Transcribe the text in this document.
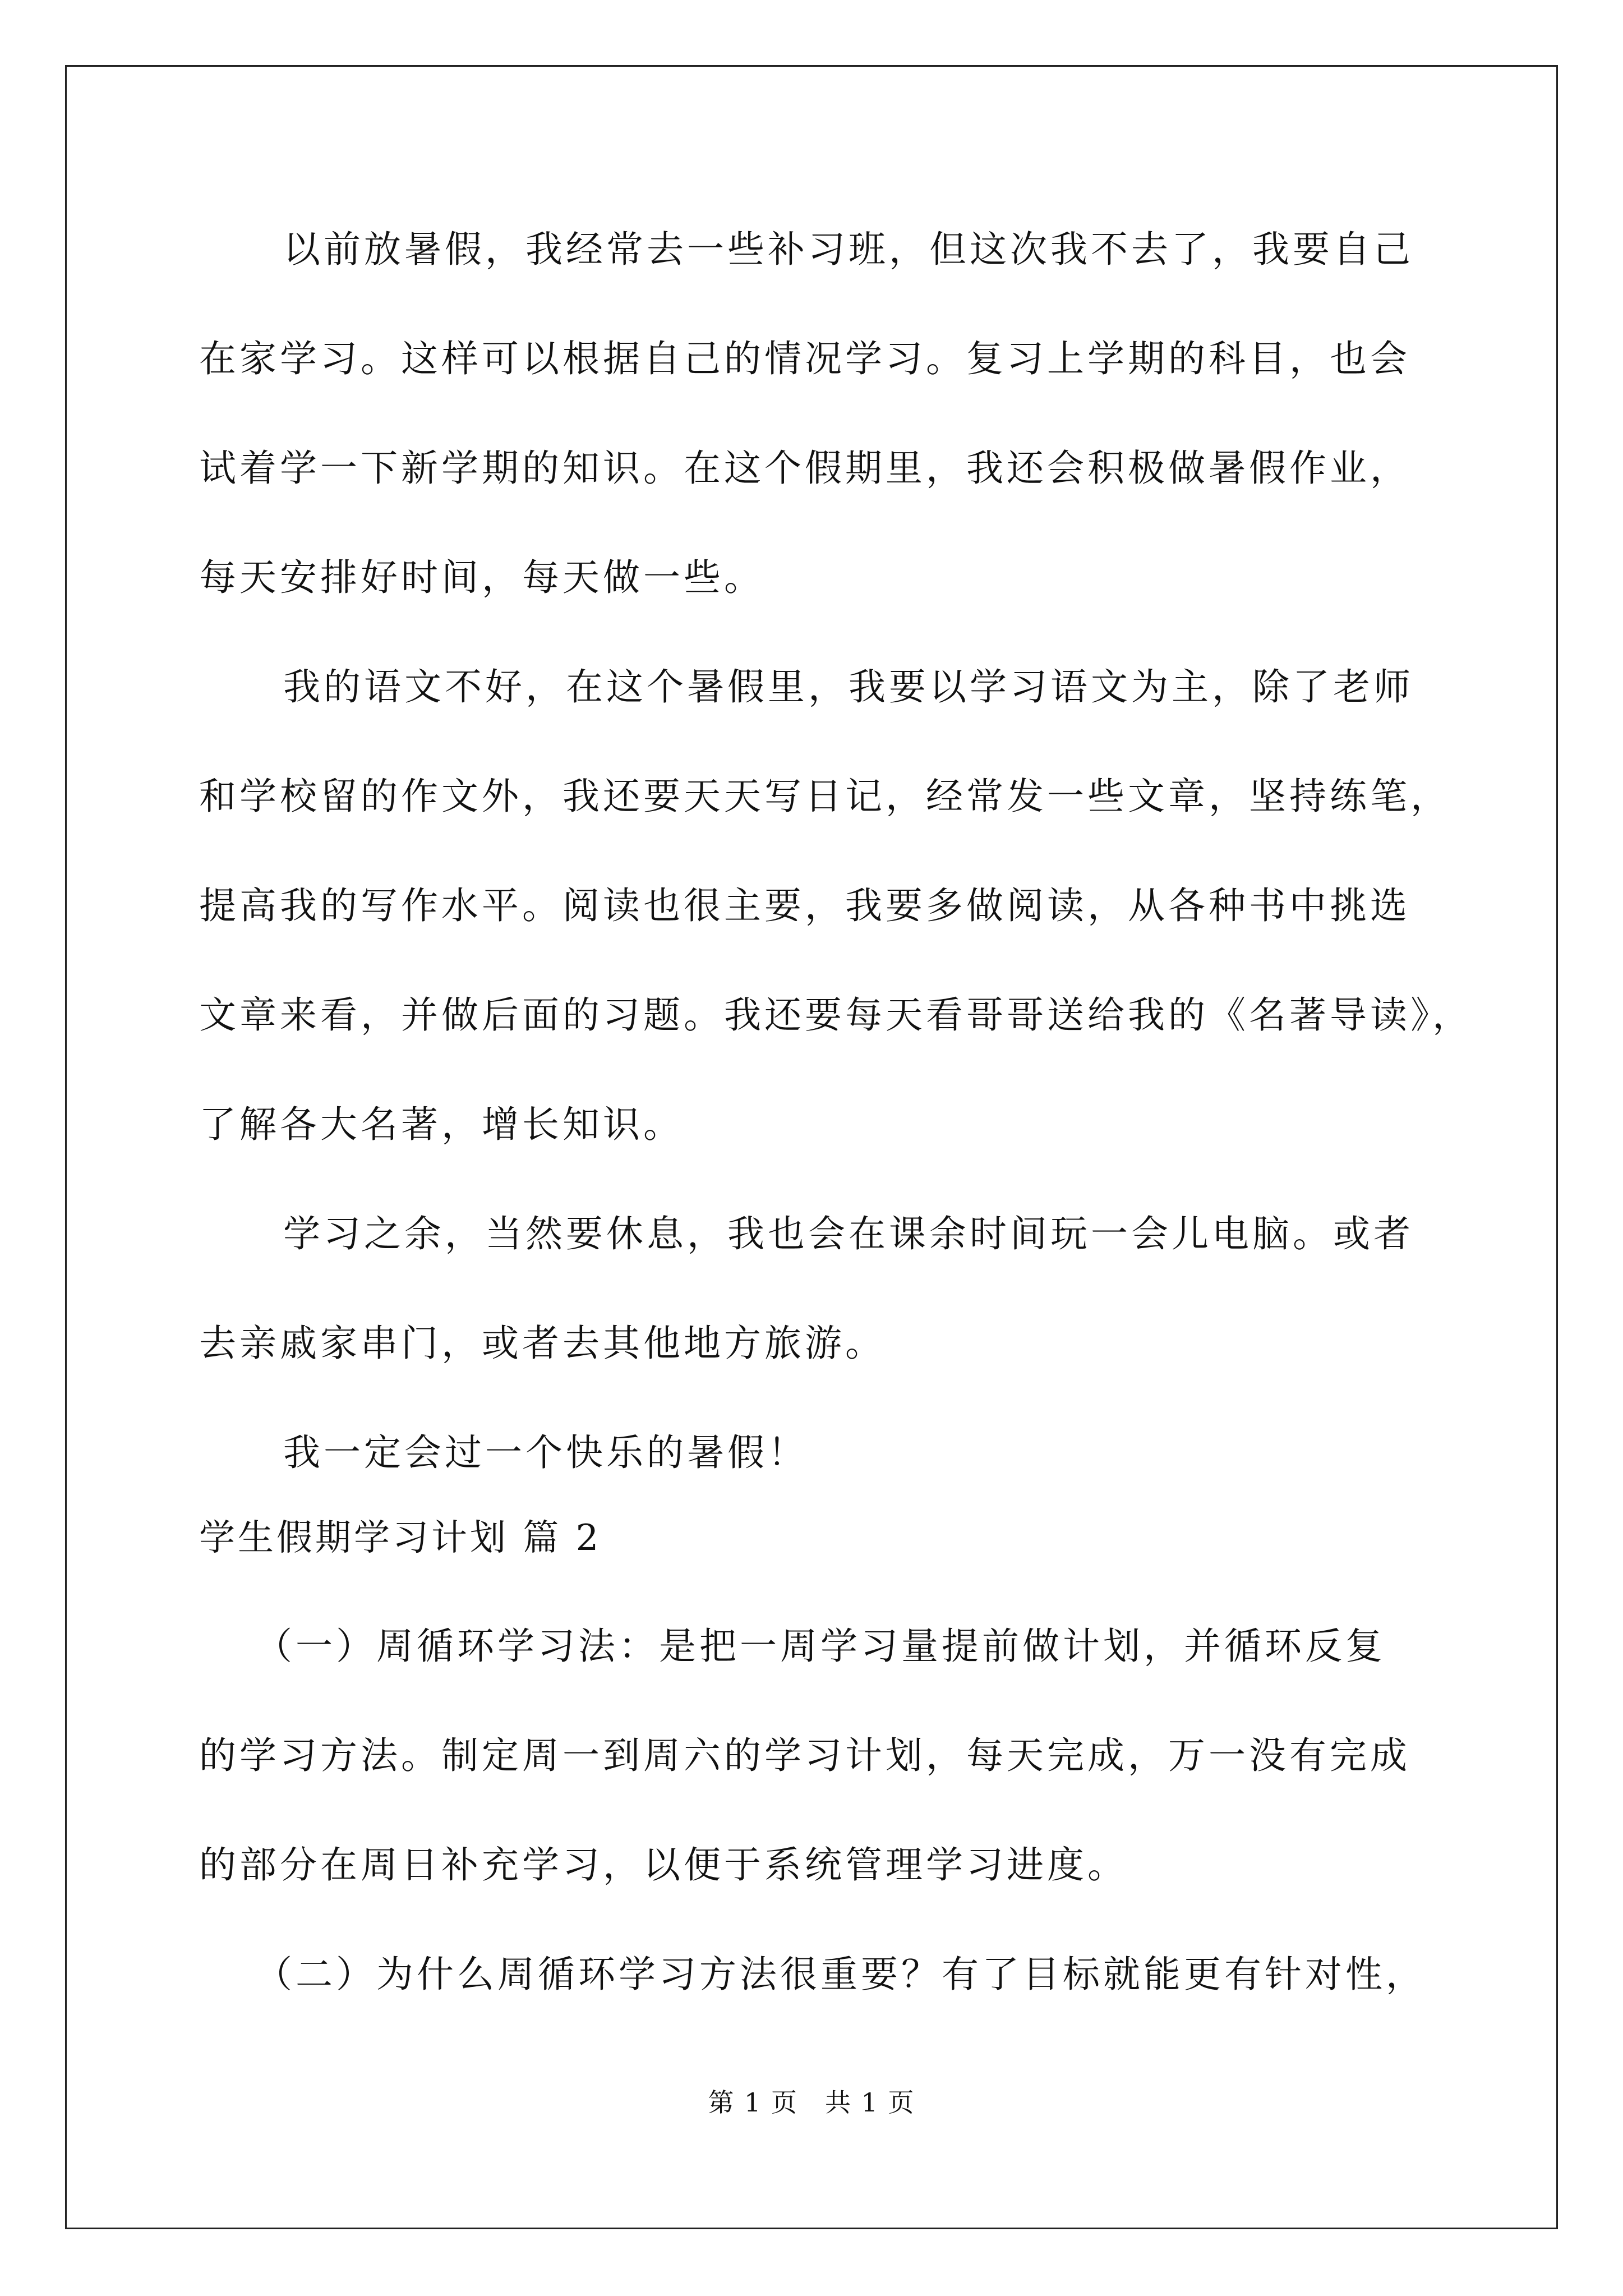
以前放暑假，我经常去一些补习班，但这次我不去了，我要自己
在家学习。这样可以根据自己的情况学习。复习上学期的科目，也会
试着学一下新学期的知识。在这个假期里，我还会积极做暑假作业，
每天安排好时间，每天做一些。
我的语文不好，在这个暑假里，我要以学习语文为主，除了老师
和学校留的作文外，我还要天天写日记，经常发一些文章，坚持练笔，
提高我的写作水平。阅读也很主要，我要多做阅读，从各种书中挑选
文章来看，并做后面的习题。我还要每天看哥哥送给我的《名著导读》，
了解各大名著，增长知识。
学习之余，当然要休息，我也会在课余时间玩一会儿电脑。或者
去亲戚家串门，或者去其他地方旅游。
我一定会过一个快乐的暑假！
学生假期学习计划 篇 2
（一）周循环学习法：是把一周学习量提前做计划，并循环反复
的学习方法。制定周一到周六的学习计划，每天完成，万一没有完成
的部分在周日补充学习，以便于系统管理学习进度。
（二）为什么周循环学习方法很重要？有了目标就能更有针对性，
第 1 页　共 1 页
